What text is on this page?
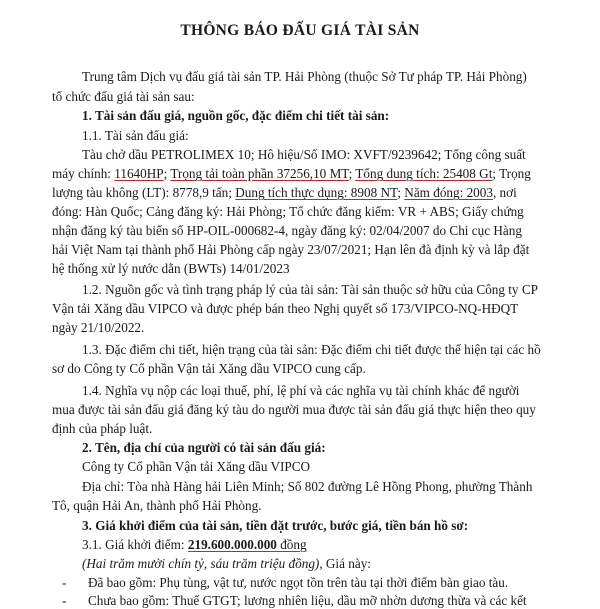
THÔNG BÁO ĐẤU GIÁ TÀI SẢN
Trung tâm Dịch vụ đấu giá tài sản TP. Hải Phòng (thuộc Sở Tư pháp TP. Hải Phòng)
tổ chức đấu giá tài sản sau:
1. Tài sản đấu giá, nguồn gốc, đặc điểm chi tiết tài sản:
1.1. Tài sản đấu giá:
Tàu chở dầu PETROLIMEX 10; Hô hiệu/Số IMO: XVFT/9239642; Tổng công suất
máy chính: 11640HP; Trọng tải toàn phần 37256,10 MT; Tổng dung tích: 25408 Gt; Trọng
lượng tàu không (LT): 8778,9 tấn; Dung tích thực dụng: 8908 NT; Năm đóng: 2003, nơi
đóng: Hàn Quốc; Cảng đăng ký: Hải Phòng; Tổ chức đăng kiểm: VR + ABS; Giấy chứng
nhận đăng ký tàu biển số HP-OIL-000682-4, ngày đăng ký: 02/04/2007 do Chi cục Hàng
hải Việt Nam tại thành phố Hải Phòng cấp ngày 23/07/2021; Hạn lên đà định kỳ và lắp đặt
hệ thống xử lý nước dằn (BWTs) 14/01/2023
1.2. Nguồn gốc và tình trạng pháp lý của tài sản: Tài sản thuộc sở hữu của Công ty CP
Vận tải Xăng dầu VIPCO và được phép bán theo Nghị quyết số 173/VIPCO-NQ-HĐQT
ngày 21/10/2022.
1.3. Đặc điểm chi tiết, hiện trạng của tài sản: Đặc điểm chi tiết được thể hiện tại các hồ
sơ do Công ty Cổ phần Vận tải Xăng dầu VIPCO cung cấp.
1.4. Nghĩa vụ nộp các loại thuế, phí, lệ phí và các nghĩa vụ tài chính khác để người
mua được tài sản đấu giá đăng ký tàu do người mua được tài sản đấu giá thực hiện theo quy
định của pháp luật.
2. Tên, địa chỉ của người có tài sản đấu giá:
Công ty Cổ phần Vận tải Xăng dầu VIPCO
Địa chỉ: Tòa nhà Hàng hải Liên Minh; Số 802 đường Lê Hồng Phong, phường Thành
Tô, quận Hải An, thành phố Hải Phòng.
3. Giá khởi điểm của tài sản, tiền đặt trước, bước giá, tiền bán hồ sơ:
3.1. Giá khởi điểm: 219.600.000.000 đồng
(Hai trăm mười chín tỷ, sáu trăm triệu đồng), Giá này:
- Đã bao gồm: Phụ tùng, vật tư, nước ngọt tồn trên tàu tại thời điểm bàn giao tàu.
- Chưa bao gồm: Thuế GTGT; lương nhiên liệu, dầu mỡ nhờn dương thừa và các kết
